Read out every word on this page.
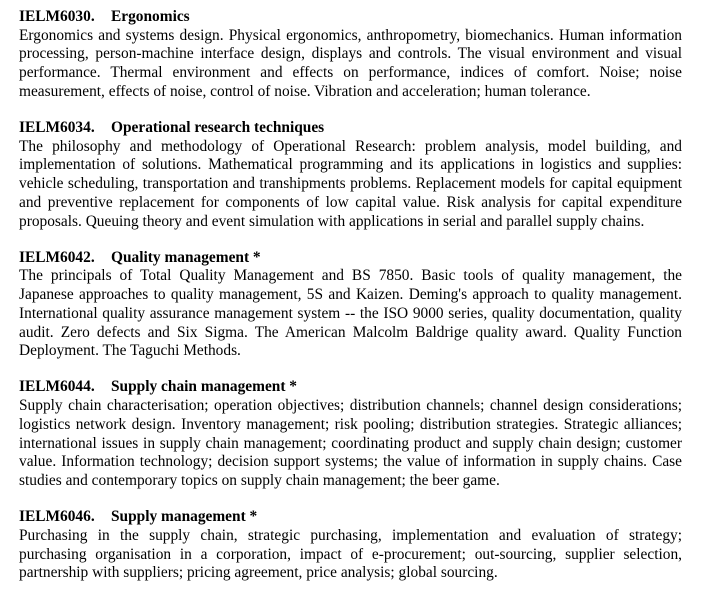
IELM6030. Ergonomics

Ergonomics and systems design. Physical ergonomics, anthropometry, biomechanics. Human information processing, person-machine interface design, displays and controls. The visual environment and visual performance. Thermal environment and effects on performance, indices of comfort. Noise; noise measurement, effects of noise, control of noise. Vibration and acceleration; human tolerance.

IELM6034. Operational research techniques

The philosophy and methodology of Operational Research: problem analysis, model building, and implementation of solutions. Mathematical programming and its applications in logistics and supplies: vehicle scheduling, transportation and transhipments problems. Replacement models for capital equipment and preventive replacement for components of low capital value. Risk analysis for capital expenditure proposals. Queuing theory and event simulation with applications in serial and parallel supply chains.

IELM6042. Quality management *

The principals of Total Quality Management and BS 7850. Basic tools of quality management, the Japanese approaches to quality management, 5S and Kaizen. Deming's approach to quality management. International quality assurance management system -- the ISO 9000 series, quality documentation, quality audit. Zero defects and Six Sigma. The American Malcolm Baldrige quality award. Quality Function Deployment. The Taguchi Methods.

IELM6044. Supply chain management *

Supply chain characterisation; operation objectives; distribution channels; channel design considerations; logistics network design. Inventory management; risk pooling; distribution strategies. Strategic alliances; international issues in supply chain management; coordinating product and supply chain design; customer value. Information technology; decision support systems; the value of information in supply chains. Case studies and contemporary topics on supply chain management; the beer game.

IELM6046. Supply management *

Purchasing in the supply chain, strategic purchasing, implementation and evaluation of strategy; purchasing organisation in a corporation, impact of e-procurement; out-sourcing, supplier selection, partnership with suppliers; pricing agreement, price analysis; global sourcing.
